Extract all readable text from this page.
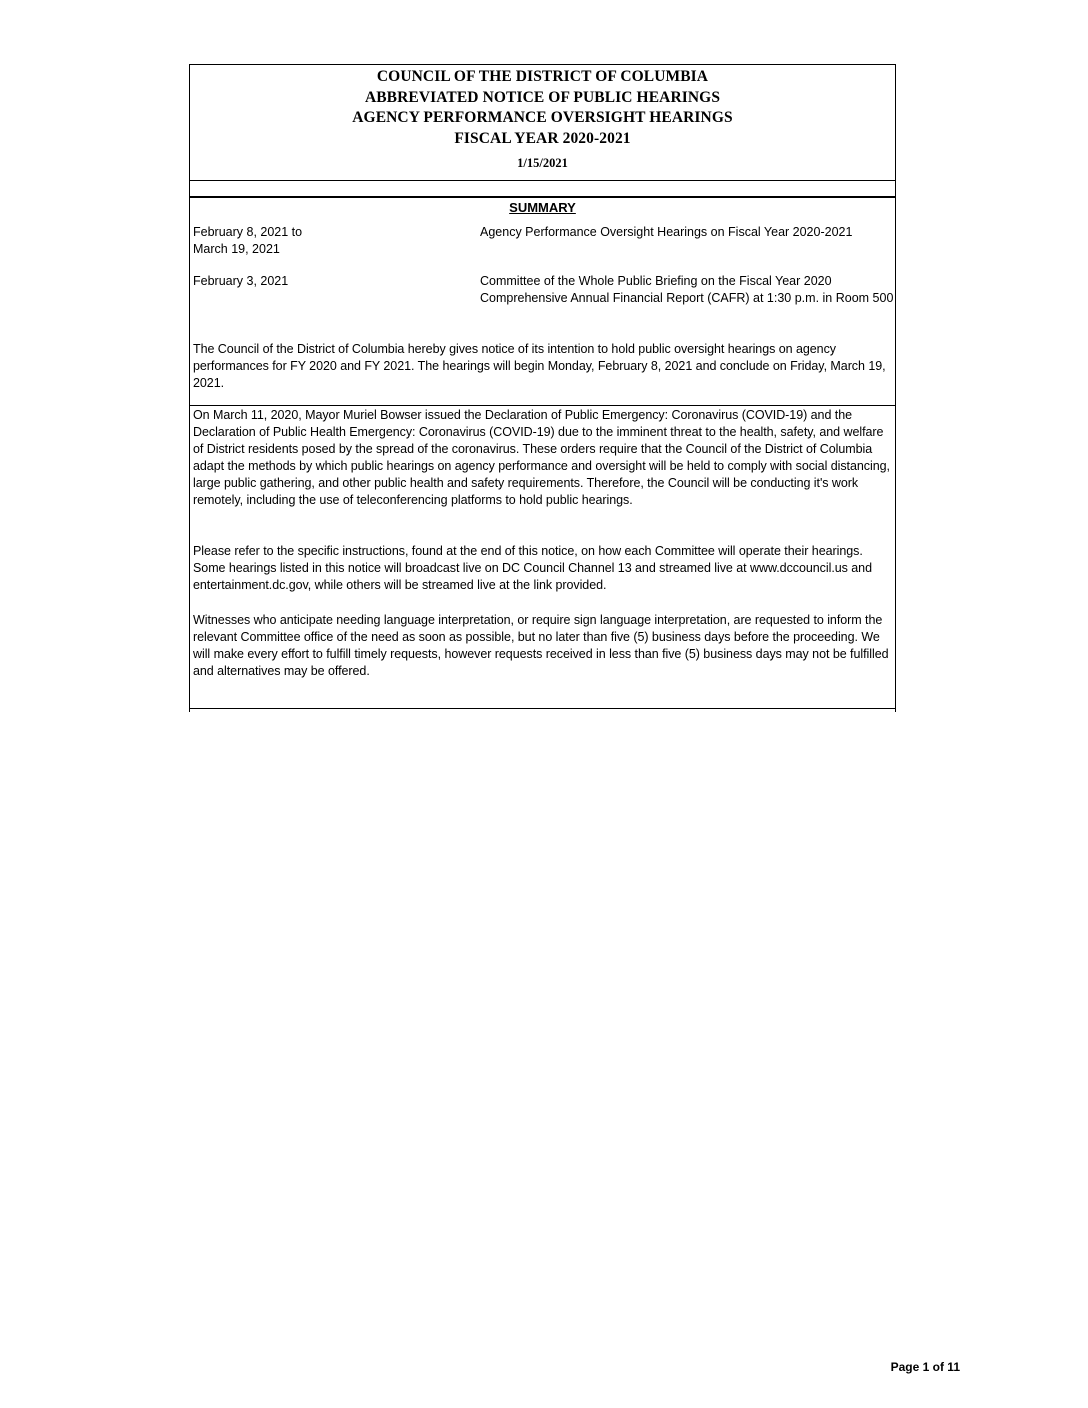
COUNCIL OF THE DISTRICT OF COLUMBIA
ABBREVIATED NOTICE OF PUBLIC HEARINGS
AGENCY PERFORMANCE OVERSIGHT HEARINGS
FISCAL YEAR 2020-2021
1/15/2021
SUMMARY
February 8, 2021 to
March 19, 2021
Agency Performance Oversight Hearings on Fiscal Year 2020-2021
February 3, 2021	Committee of the Whole Public Briefing on the Fiscal Year 2020 Comprehensive Annual Financial Report (CAFR) at 1:30 p.m. in Room 500
The Council of the District of Columbia hereby gives notice of its intention to hold public oversight hearings on agency performances for FY 2020 and FY 2021. The hearings will begin Monday, February 8, 2021 and conclude on Friday, March 19, 2021.
On March 11, 2020, Mayor Muriel Bowser issued the Declaration of Public Emergency: Coronavirus (COVID-19) and the Declaration of Public Health Emergency: Coronavirus (COVID-19) due to the imminent threat to the health, safety, and welfare of District residents posed by the spread of the coronavirus. These orders require that the Council of the District of Columbia adapt the methods by which public hearings on agency performance and oversight will be held to comply with social distancing, large public gathering, and other public health and safety requirements. Therefore, the Council will be conducting it's work remotely, including the use of teleconferencing platforms to hold public hearings.
Please refer to the specific instructions, found at the end of this notice, on how each Committee will operate their hearings. Some hearings listed in this notice will broadcast live on DC Council Channel 13 and streamed live at www.dccouncil.us and entertainment.dc.gov, while others will be streamed live at the link provided.
Witnesses who anticipate needing language interpretation, or require sign language interpretation, are requested to inform the relevant Committee office of the need as soon as possible, but no later than five (5) business days before the proceeding. We will make every effort to fulfill timely requests, however requests received in less than five (5) business days may not be fulfilled and alternatives may be offered.
Page 1 of 11
